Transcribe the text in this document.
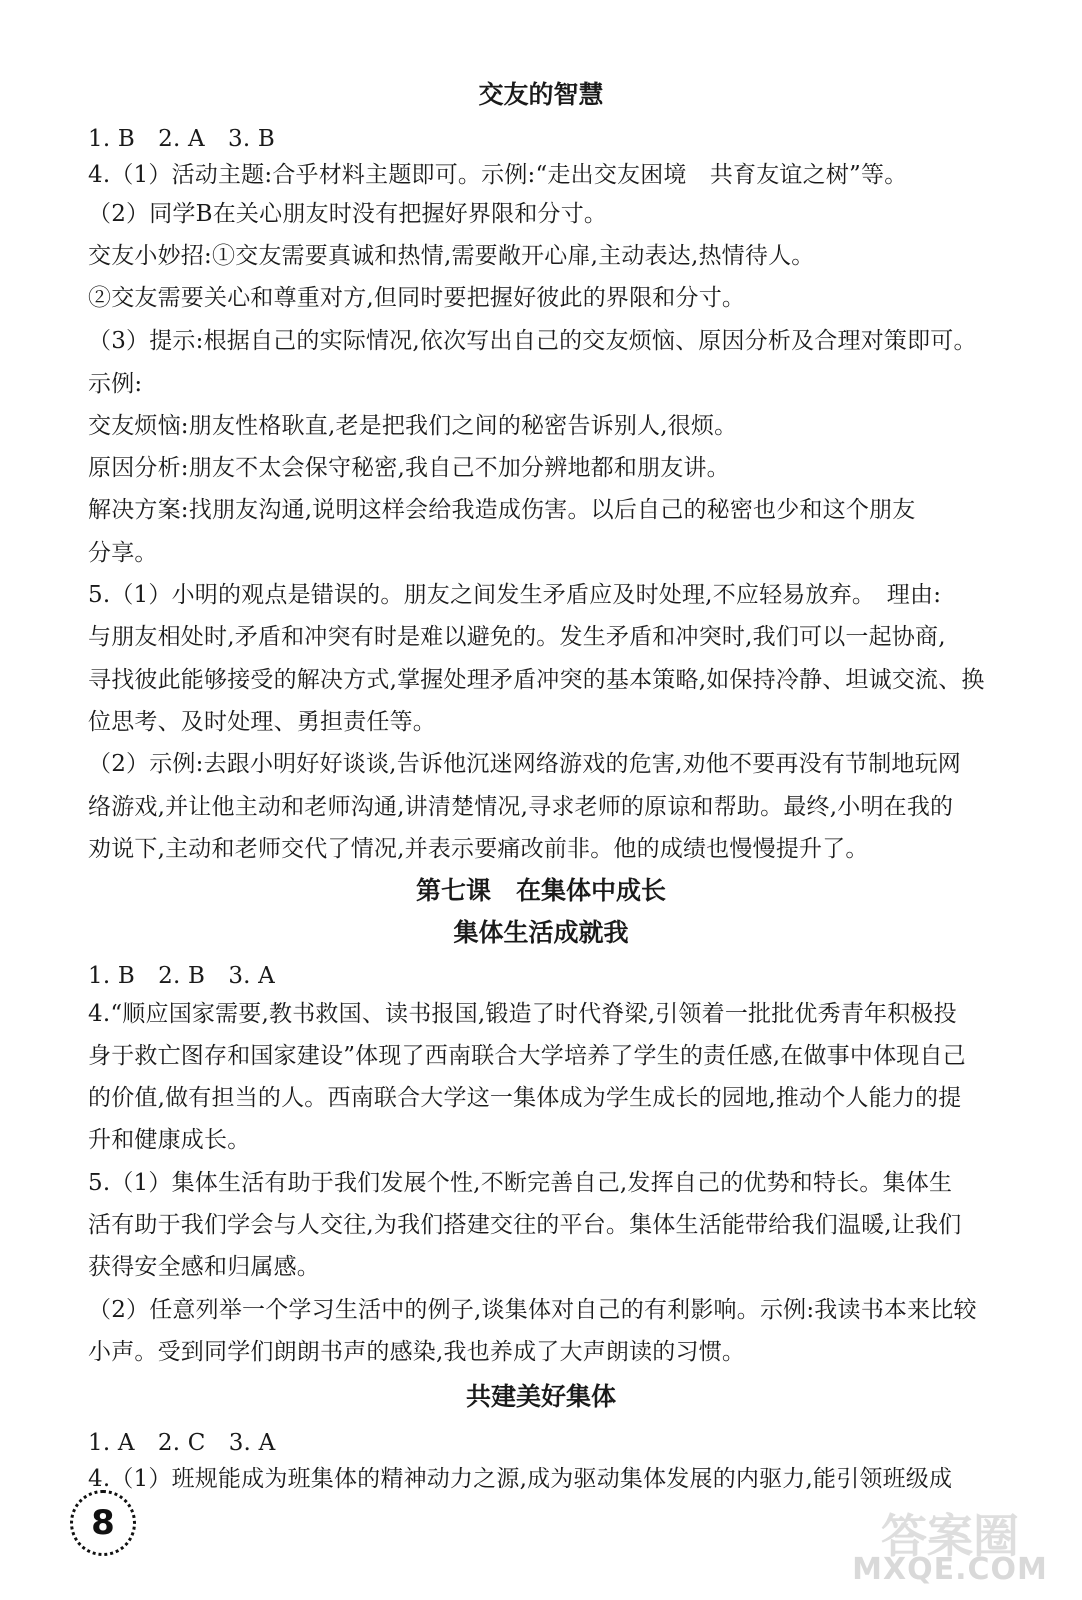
交友的智慧
1. B　2. A　3. B
4.（1）活动主题:合乎材料主题即可。示例:“走出交友困境　共育友谊之树”等。
（2）同学B在关心朋友时没有把握好界限和分寸。
交友小妙招:①交友需要真诚和热情,需要敞开心扉,主动表达,热情待人。
②交友需要关心和尊重对方,但同时要把握好彼此的界限和分寸。
（3）提示:根据自己的实际情况,依次写出自己的交友烦恼、原因分析及合理对策即可。
示例:
交友烦恼:朋友性格耿直,老是把我们之间的秘密告诉别人,很烦。
原因分析:朋友不太会保守秘密,我自己不加分辨地都和朋友讲。
解决方案:找朋友沟通,说明这样会给我造成伤害。以后自己的秘密也少和这个朋友
分享。
5.（1）小明的观点是错误的。朋友之间发生矛盾应及时处理,不应轻易放弃。　理由:
与朋友相处时,矛盾和冲突有时是难以避免的。发生矛盾和冲突时,我们可以一起协商,
寻找彼此能够接受的解决方式,掌握处理矛盾冲突的基本策略,如保持冷静、坦诚交流、换
位思考、及时处理、勇担责任等。
（2）示例:去跟小明好好谈谈,告诉他沉迷网络游戏的危害,劝他不要再没有节制地玩网
络游戏,并让他主动和老师沟通,讲清楚情况,寻求老师的原谅和帮助。最终,小明在我的
劝说下,主动和老师交代了情况,并表示要痛改前非。他的成绩也慢慢提升了。
第七课　在集体中成长
集体生活成就我
1. B　2. B　3. A
4.“顺应国家需要,教书救国、读书报国,锻造了时代脊梁,引领着一批批优秀青年积极投
身于救亡图存和国家建设”体现了西南联合大学培养了学生的责任感,在做事中体现自己
的价值,做有担当的人。西南联合大学这一集体成为学生成长的园地,推动个人能力的提
升和健康成长。
5.（1）集体生活有助于我们发展个性,不断完善自己,发挥自己的优势和特长。集体生
活有助于我们学会与人交往,为我们搭建交往的平台。集体生活能带给我们温暖,让我们
获得安全感和归属感。
（2）任意列举一个学习生活中的例子,谈集体对自己的有利影响。示例:我读书本来比较
小声。受到同学们朗朗书声的感染,我也养成了大声朗读的习惯。
共建美好集体
1. A　2. C　3. A
4.（1）班规能成为班集体的精神动力之源,成为驱动集体发展的内驱力,能引领班级成
8	答案圈
MXQE.COM
